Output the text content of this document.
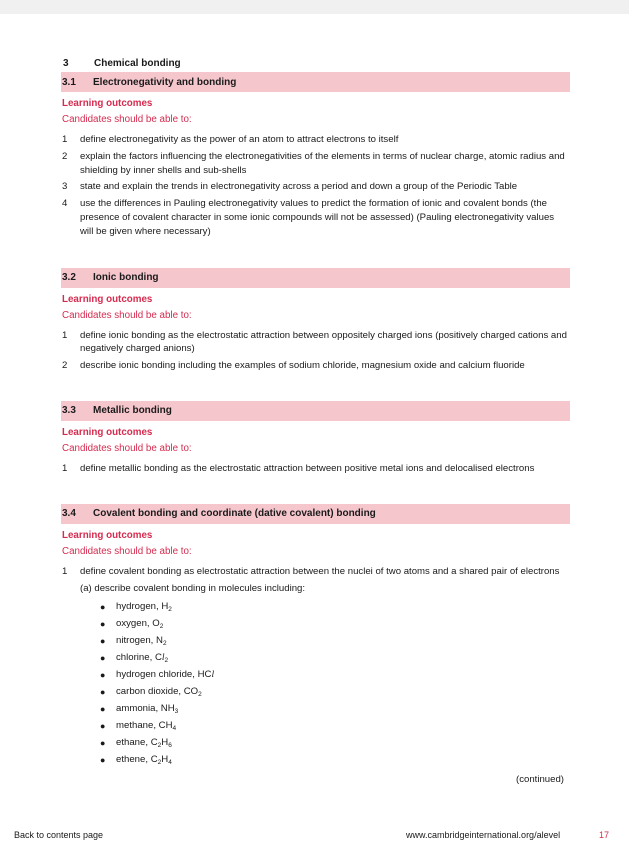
3	Chemical bonding
3.1	Electronegativity and bonding
Learning outcomes
Candidates should be able to:
1	define electronegativity as the power of an atom to attract electrons to itself
2	explain the factors influencing the electronegativities of the elements in terms of nuclear charge, atomic radius and shielding by inner shells and sub-shells
3	state and explain the trends in electronegativity across a period and down a group of the Periodic Table
4	use the differences in Pauling electronegativity values to predict the formation of ionic and covalent bonds (the presence of covalent character in some ionic compounds will not be assessed) (Pauling electronegativity values will be given where necessary)
3.2	Ionic bonding
Learning outcomes
Candidates should be able to:
1	define ionic bonding as the electrostatic attraction between oppositely charged ions (positively charged cations and negatively charged anions)
2	describe ionic bonding including the examples of sodium chloride, magnesium oxide and calcium fluoride
3.3	Metallic bonding
Learning outcomes
Candidates should be able to:
1	define metallic bonding as the electrostatic attraction between positive metal ions and delocalised electrons
3.4	Covalent bonding and coordinate (dative covalent) bonding
Learning outcomes
Candidates should be able to:
1	define covalent bonding as electrostatic attraction between the nuclei of two atoms and a shared pair of electrons
(a) describe covalent bonding in molecules including:
●	hydrogen, $H_2$
●	oxygen, $O_2$
●	nitrogen, $N_2$
●	chlorine, $Cl_2$
●	hydrogen chloride, HCl
●	carbon dioxide, $CO_2$
●	ammonia, $NH_3$
●	methane, $CH_4$
●	ethane, $C_2H_6$
●	ethene, $C_2H_4$
(continued)
Back to contents page	www.cambridgeinternational.org/alevel	17
